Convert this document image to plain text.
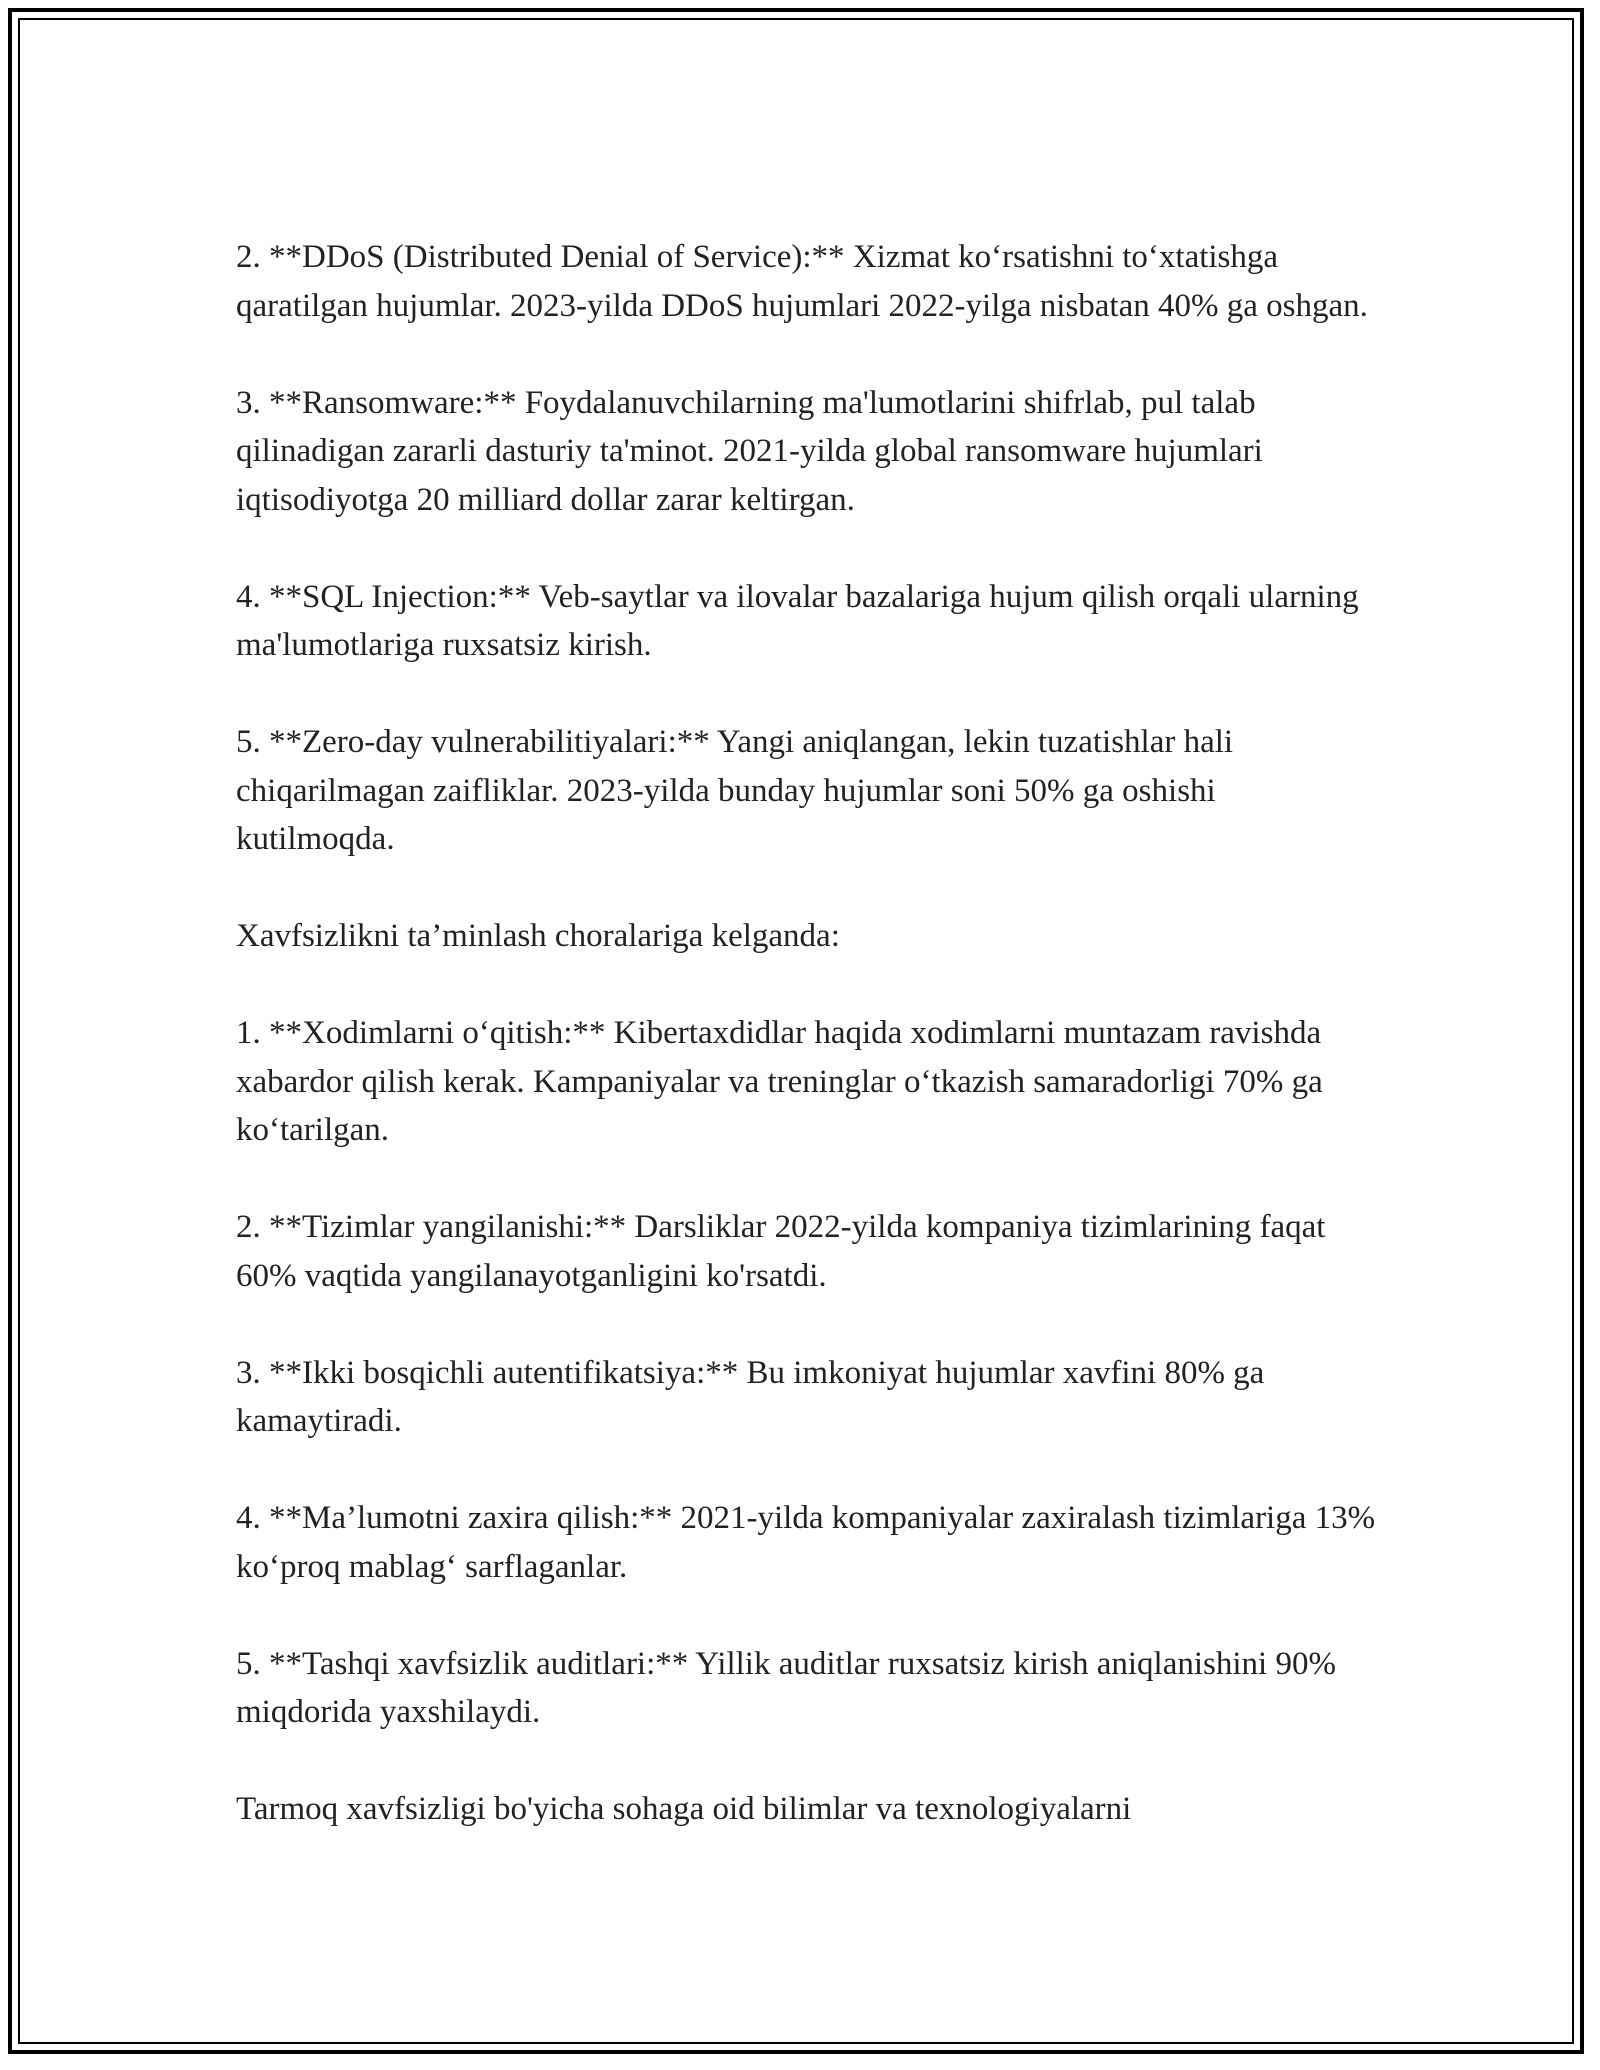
2. **DDoS (Distributed Denial of Service):** Xizmat koʻrsatishni toʻxtatishga qaratilgan hujumlar. 2023-yilda DDoS hujumlari 2022-yilga nisbatan 40% ga oshgan.

3. **Ransomware:** Foydalanuvchilarning ma'lumotlarini shifrlab, pul talab qilinadigan zararli dasturiy ta'minot. 2021-yilda global ransomware hujumlari iqtisodiyotga 20 milliard dollar zarar keltirgan.

4. **SQL Injection:** Veb-saytlar va ilovalar bazalariga hujum qilish orqali ularning ma'lumotlariga ruxsatsiz kirish.

5. **Zero-day vulnerabilitiyalari:** Yangi aniqlangan, lekin tuzatishlar hali chiqarilmagan zaifliklar. 2023-yilda bunday hujumlar soni 50% ga oshishi kutilmoqda.

Xavfsizlikni ta’minlash choralariga kelganda:

1. **Xodimlarni oʻqitish:** Kibertaxdidlar haqida xodimlarni muntazam ravishda xabardor qilish kerak. Kampaniyalar va treninglar oʻtkazish samaradorligi 70% ga koʻtarilgan.

2. **Tizimlar yangilanishi:** Darsliklar 2022-yilda kompaniya tizimlarining faqat 60% vaqtida yangilanayotganligini ko'rsatdi.

3. **Ikki bosqichli autentifikatsiya:** Bu imkoniyat hujumlar xavfini 80% ga kamaytiradi.

4. **Ma’lumotni zaxira qilish:** 2021-yilda kompaniyalar zaxiralash tizimlariga 13% koʻproq mablagʻ sarflaganlar.

5. **Tashqi xavfsizlik auditlari:** Yillik auditlar ruxsatsiz kirish aniqlanishini 90% miqdorida yaxshilaydi.

Tarmoq xavfsizligi bo'yicha sohaga oid bilimlar va texnologiyalarni
